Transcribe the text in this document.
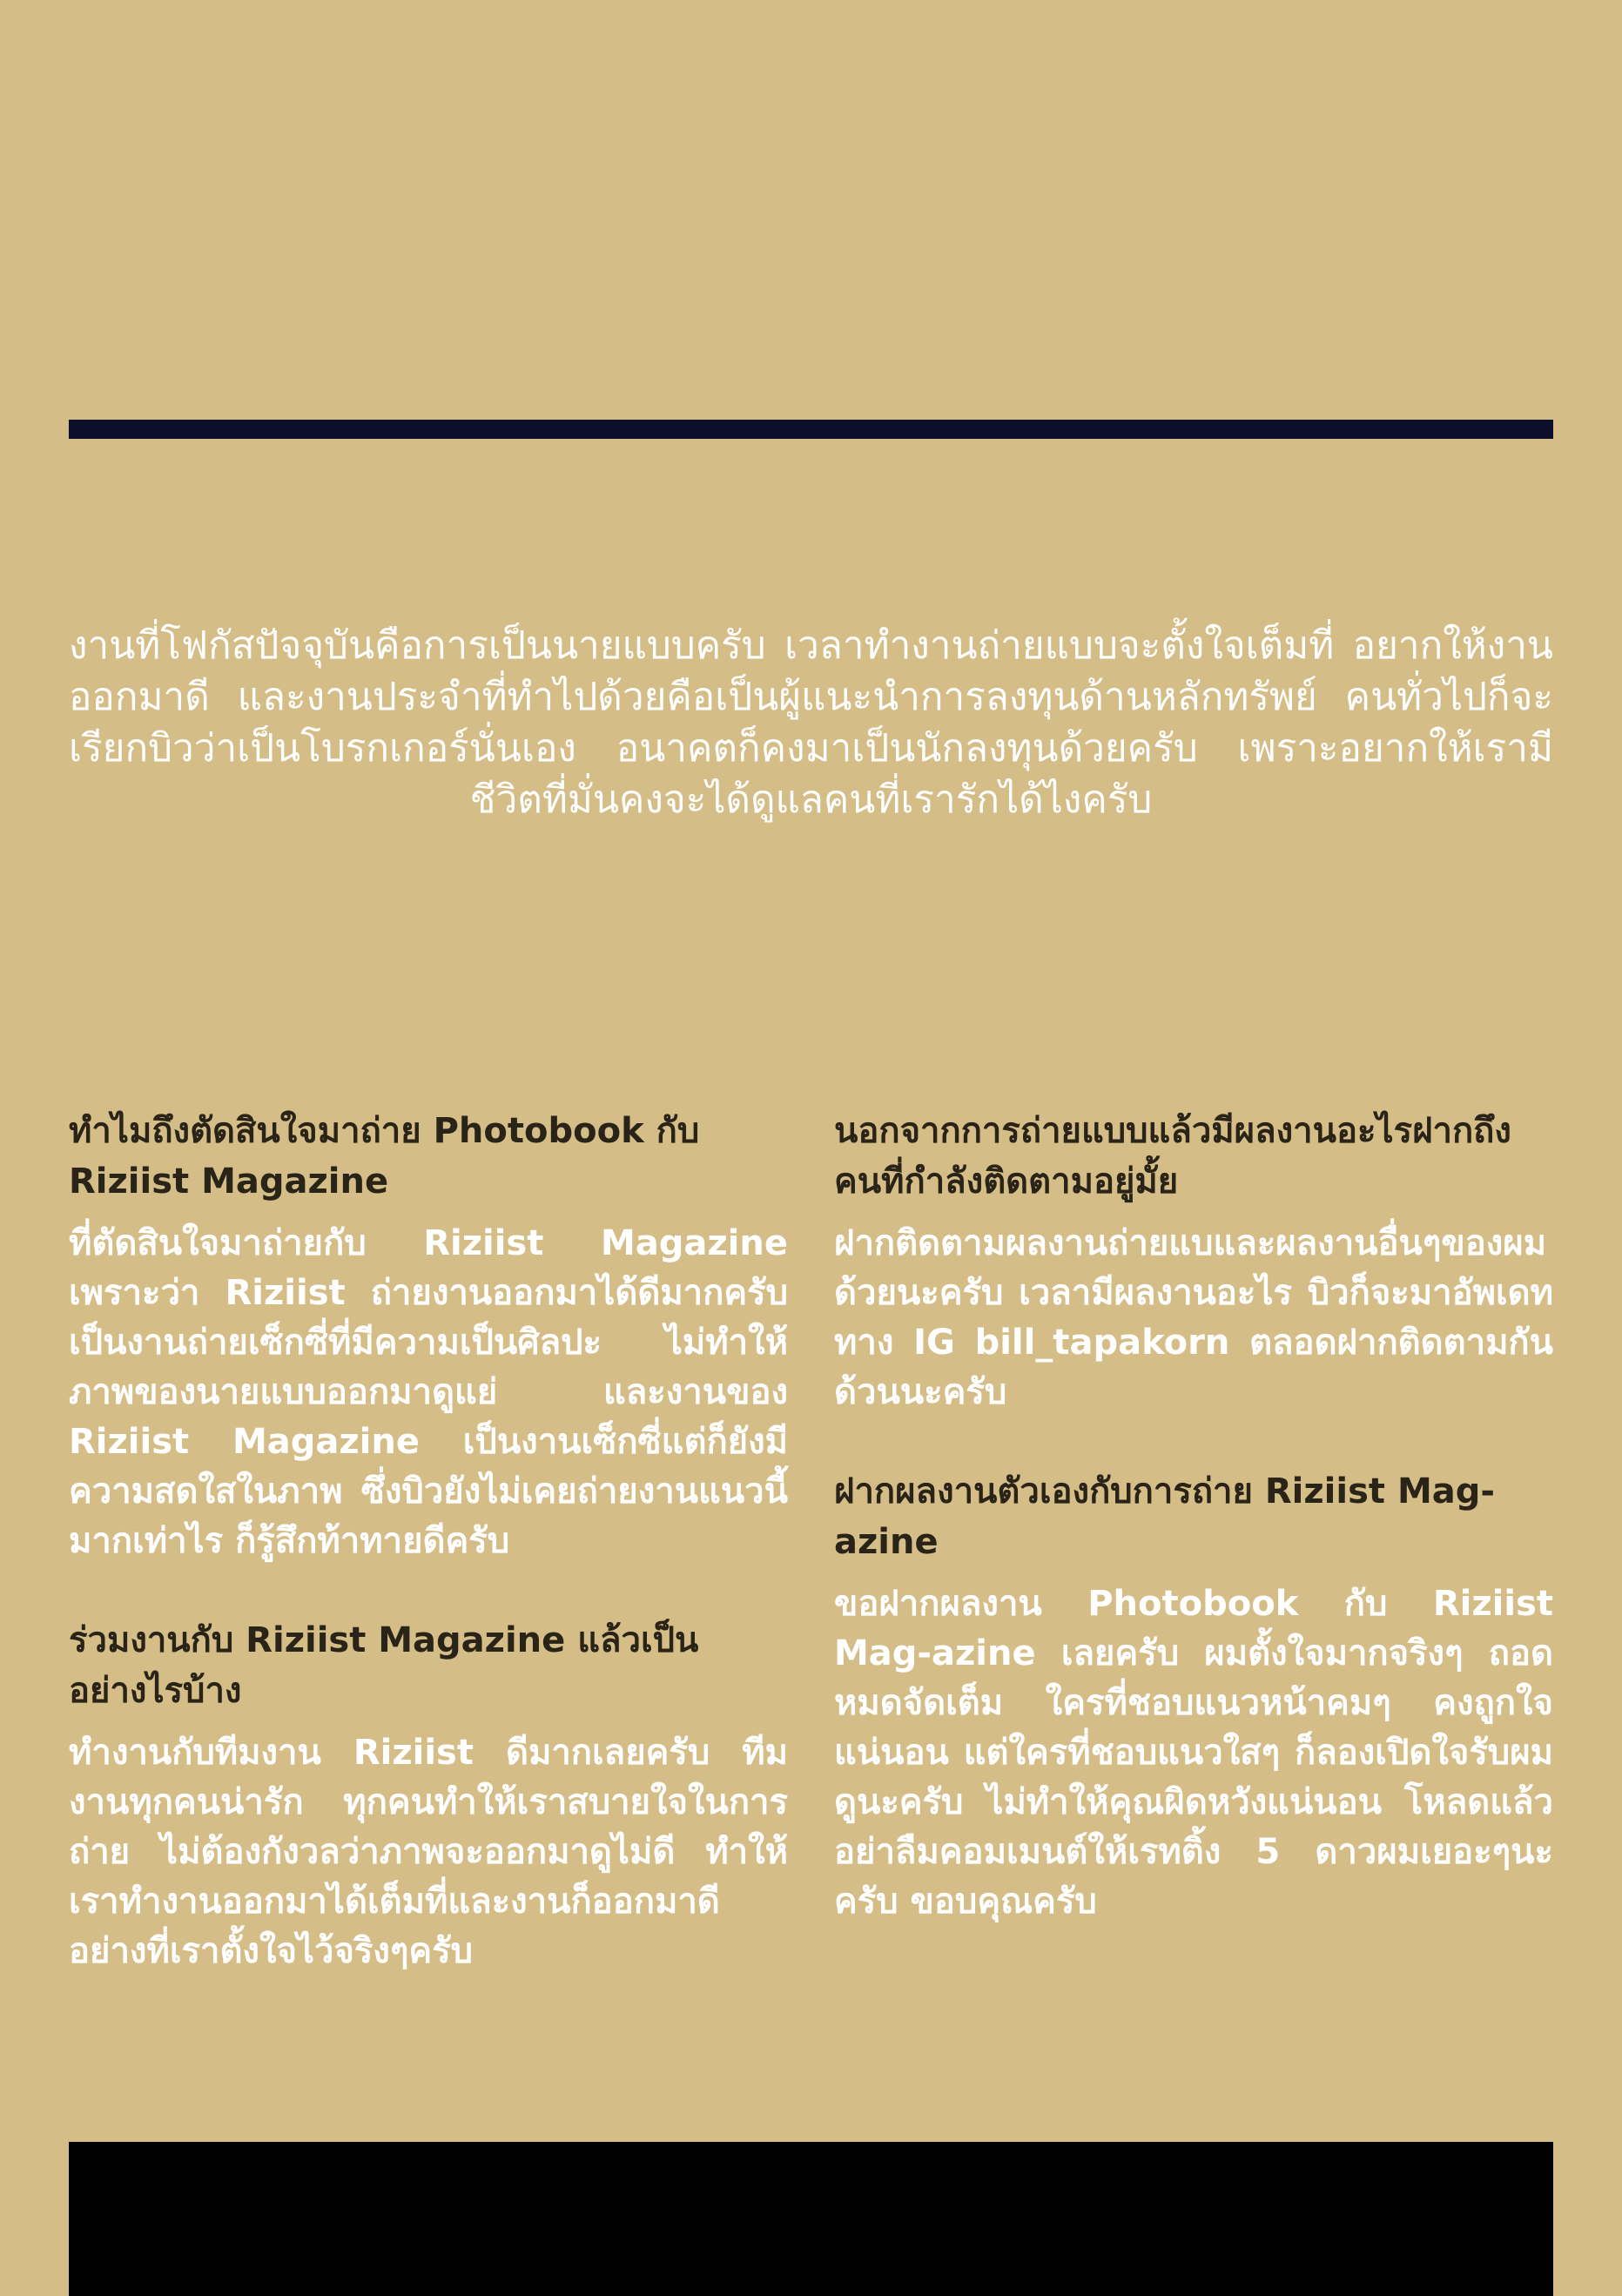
งานที่โฟกัสปัจจุบันคือการเป็นนายแบบครับ เวลาทำงานถ่ายแบบจะตั้งใจเต็มที่ อยากให้งานออกมาดี และงานประจำที่ทำไปด้วยคือเป็นผู้แนะนำการลงทุนด้านหลักทรัพย์ คนทั่วไปก็จะเรียกบิวว่าเป็นโบรกเกอร์นั่นเอง อนาคตก็คงมาเป็นนักลงทุนด้วยครับ เพราะอยากให้เรามีชีวิตที่มั่นคงจะได้ดูแลคนที่เรารักได้ไงครับ

ทำไมถึงตัดสินใจมาถ่าย Photobook กับ Riziist Magazine

ที่ตัดสินใจมาถ่ายกับ Riziist Magazine เพราะว่า Riziist ถ่ายงานออกมาได้ดีมากครับ เป็นงานถ่ายเซ็กซี่ที่มีความเป็นศิลปะ ไม่ทำให้ภาพของนายแบบออกมาดูแย่ และงานของ Riziist Magazine เป็นงานเซ็กซี่แต่ก็ยังมีความสดใสในภาพ ซึ่งบิวยังไม่เคยถ่ายงานแนวนี้มากเท่าไร ก็รู้สึกท้าทายดีครับ

ร่วมงานกับ Riziist Magazine แล้วเป็นอย่างไรบ้าง

ทำงานกับทีมงาน Riziist ดีมากเลยครับ ทีมงานทุกคนน่ารัก ทุกคนทำให้เราสบายใจในการถ่าย ไม่ต้องกังวลว่าภาพจะออกมาดูไม่ดี ทำให้เราทำงานออกมาได้เต็มที่และงานก็ออกมาดีอย่างที่เราตั้งใจไว้จริงๆครับ

นอกจากการถ่ายแบบแล้วมีผลงานอะไรฝากถึงคนที่กำลังติดตามอยู่มั้ย

ฝากติดตามผลงานถ่ายแบและผลงานอื่นๆของผมด้วยนะครับ เวลามีผลงานอะไร บิวก็จะมาอัพเดททาง IG bill_tapakorn ตลอดฝากติดตามกันด้วนนะครับ

ฝากผลงานตัวเองกับการถ่าย Riziist Mag-azine

ขอฝากผลงาน Photobook กับ Riziist Mag-azine เลยครับ ผมตั้งใจมากจริงๆ ถอดหมดจัดเต็ม ใครที่ชอบแนวหน้าคมๆ คงถูกใจแน่นอน แต่ใครที่ชอบแนวใสๆ ก็ลองเปิดใจรับผมดูนะครับ ไม่ทำให้คุณผิดหวังแน่นอน โหลดแล้วอย่าลืมคอมเมนต์ให้เรทติ้ง 5 ดาวผมเยอะๆนะครับ ขอบคุณครับ
